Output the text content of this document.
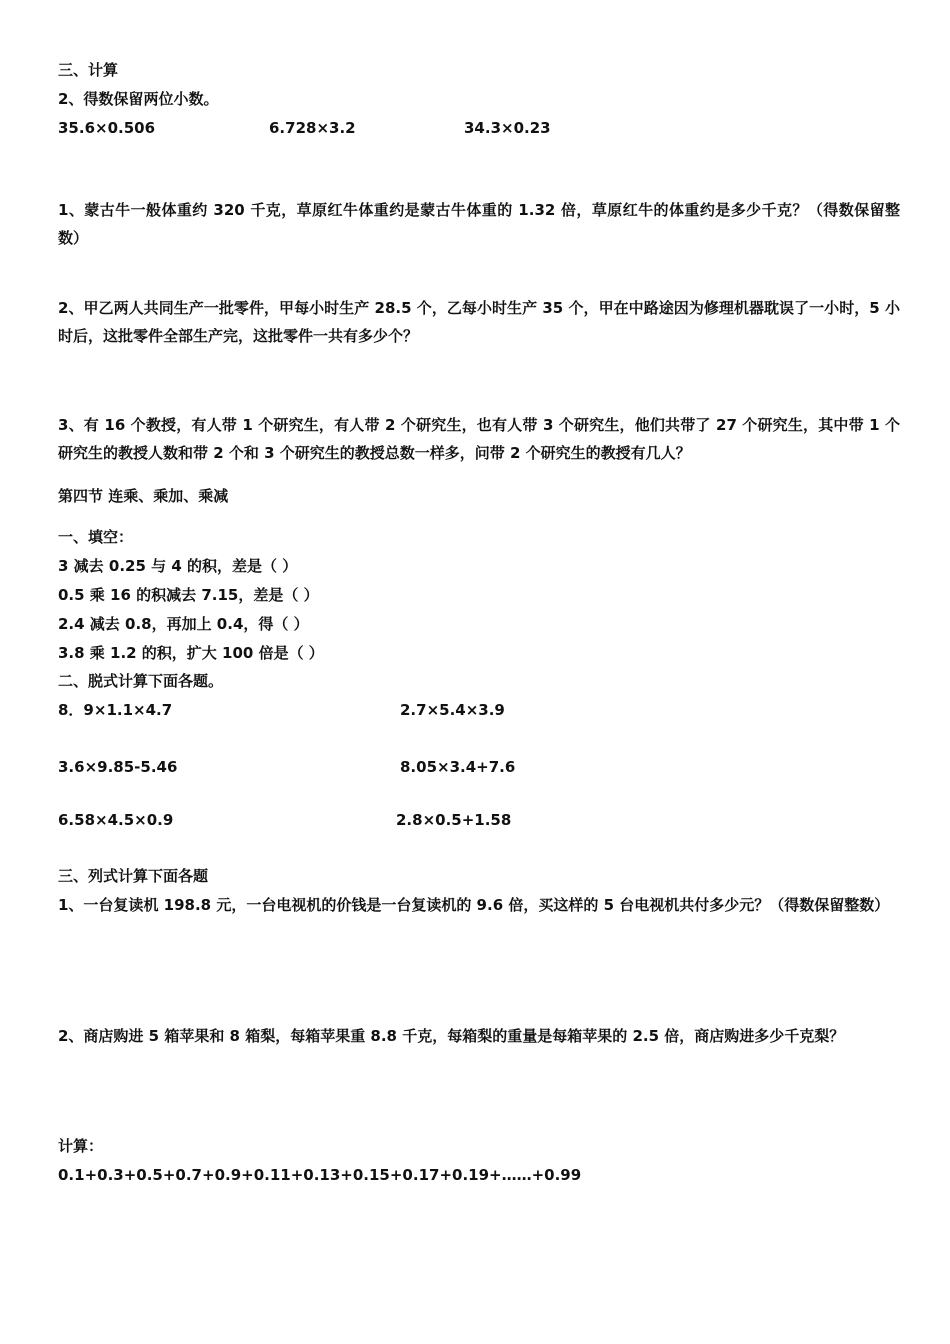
三、计算

2、得数保留两位小数。

35.6×0.506	6.728×3.2	34.3×0.23

1、蒙古牛一般体重约 320 千克，草原红牛体重约是蒙古牛体重的 1.32 倍，草原红牛的体重约是多少千克？（得数保留整数）

2、甲乙两人共同生产一批零件，甲每小时生产 28.5 个，乙每小时生产 35 个，甲在中路途因为修理机器耽误了一小时，5 小时后，这批零件全部生产完，这批零件一共有多少个？

3、有 16 个教授，有人带 1 个研究生，有人带 2 个研究生，也有人带 3 个研究生，他们共带了 27 个研究生，其中带 1 个研究生的教授人数和带 2 个和 3 个研究生的教授总数一样多，问带 2 个研究生的教授有几人？

第四节 连乘、乘加、乘减

一、填空：

3 减去 0.25 与 4 的积，差是（ ）

0.5 乘 16 的积减去 7.15，差是（ ）

2.4 减去 0.8，再加上 0.4，得（ ）

3.8 乘 1.2 的积，扩大 100 倍是（ ）

二、脱式计算下面各题。

8．9×1.1×4.7	2.7×5.4×3.9

3.6×9.85-5.46	8.05×3.4+7.6

6.58×4.5×0.9	2.8×0.5+1.58

三、列式计算下面各题

1、一台复读机 198.8 元，一台电视机的价钱是一台复读机的 9.6 倍，买这样的 5 台电视机共付多少元？（得数保留整数）

2、商店购进 5 箱苹果和 8 箱梨，每箱苹果重 8.8 千克，每箱梨的重量是每箱苹果的 2.5 倍，商店购进多少千克梨？

计算：

0.1+0.3+0.5+0.7+0.9+0.11+0.13+0.15+0.17+0.19+……+0.99
